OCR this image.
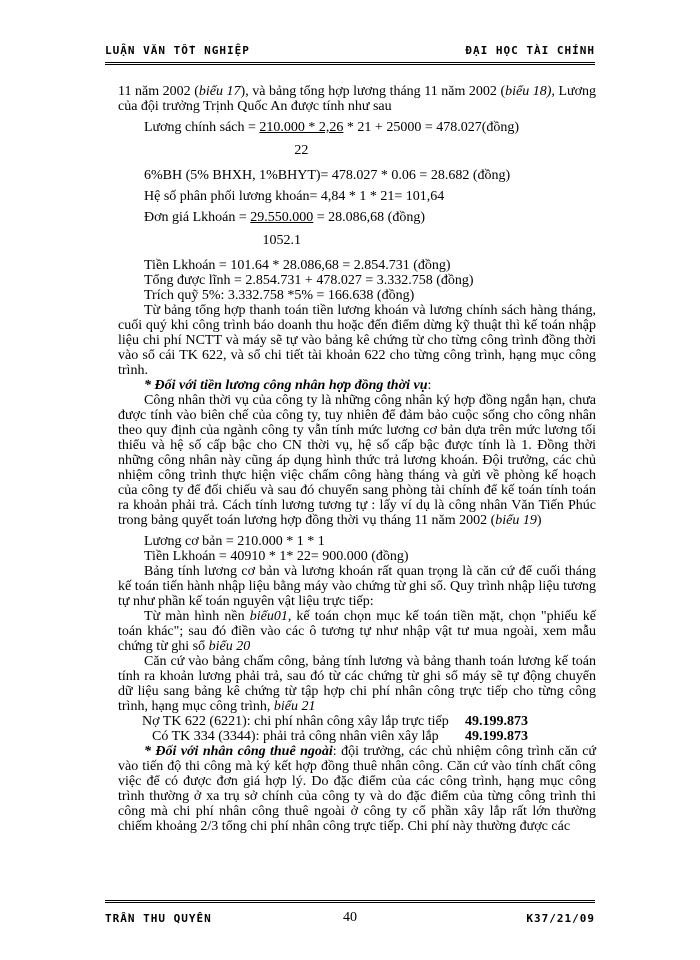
LUẬN VĂN TỐT NGHIỆP	ĐẠI HỌC TÀI CHÍNH

11 năm 2002 (biểu 17), và bảng tổng hợp lương tháng 11 năm 2002 (biểu 18), Lương của đội trưởng Trịnh Quốc An được tính như sau

Lương chính sách = $\frac{210.000 * 2,26}{22} * 21 + 25000$ = 478.027(đồng)
6%BH (5% BHXH, 1%BHYT)= 478.027 * 0.06 = 28.682 (đồng)
Hệ số phân phối lương khoán= 4,84 * 1 * 21= 101,64
Đơn giá Lkhoán = $\frac{29.550.000}{1052.1} = 28.086,68$ (đồng)
Tiền Lkhoán = 101.64 * 28.086,68 = 2.854.731 (đồng)
Tổng được lĩnh = 2.854.731 + 478.027 = 3.332.758 (đồng)
Trích quỹ 5%: 3.332.758 *5% = 166.638 (đồng)

Từ bảng tổng hợp thanh toán tiền lương khoán và lương chính sách hàng tháng, cuối quý khi công trình báo doanh thu hoặc đến điểm dừng kỹ thuật thì kế toán nhập liệu chi phí NCTT và máy sẽ tự vào bảng kê chứng từ cho từng công trình đồng thời vào sổ cái TK 622, và sổ chi tiết tài khoản 622 cho từng công trình, hạng mục công trình.

* Đối với tiền lương công nhân hợp đồng thời vụ:

Công nhân thời vụ của công ty là những công nhân ký hợp đồng ngắn hạn, chưa được tính vào biên chế của công ty, tuy nhiên để đảm bảo cuộc sống cho công nhân theo quy định của ngành công ty vẫn tính mức lương cơ bản dựa trên mức lương tối thiểu và hệ số cấp bậc cho CN thời vụ, hệ số cấp bậc được tính là 1. Đồng thời những công nhân này cũng áp dụng hình thức trả lương khoán. Đội trưởng, các chủ nhiệm công trình thực hiện việc chấm công hàng tháng và gửi về phòng kế hoạch của công ty để đối chiếu và sau đó chuyển sang phòng tài chính để kế toán tính toán ra khoản phải trả. Cách tính lương tương tự : lấy ví dụ là công nhân Văn Tiến Phúc trong bảng quyết toán lương hợp đồng thời vụ tháng 11 năm 2002 (biểu 19)

Lương cơ bản = 210.000 * 1 * 1
Tiền Lkhoán = 40910 * 1* 22= 900.000 (đồng)

Bảng tính lương cơ bản và lương khoán rất quan trọng là căn cứ để cuối tháng kế toán tiến hành nhập liệu bằng máy vào chứng từ ghi sổ. Quy trình nhập liệu tương tự như phần kế toán nguyên vật liệu trực tiếp:

Từ màn hình nền biểu01, kế toán chọn mục kế toán tiền mặt, chọn "phiếu kế toán khác"; sau đó điền vào các ô tương tự như nhập vật tư mua ngoài, xem mẫu chứng từ ghi sổ biểu 20

Căn cứ vào bảng chấm công, bảng tính lương và bảng thanh toán lương kế toán tính ra khoản lương phải trả, sau đó từ các chứng từ ghi sổ máy sẽ tự động chuyển dữ liệu sang bảng kê chứng từ tập hợp chi phí nhân công trực tiếp cho từng công trình, hạng mục công trình, biểu 21

Nợ TK 622 (6221): chi phí nhân công xây lắp trực tiếp 49.199.873
Có TK 334 (3344): phải trả công nhân viên xây lắp 49.199.873

* Đối với nhân công thuê ngoài: đội trưởng, các chủ nhiệm công trình căn cứ vào tiến độ thi công mà ký kết hợp đồng thuê nhân công. Căn cứ vào tính chất công việc để có được đơn giá hợp lý. Do đặc điểm của các công trình, hạng mục công trình thường ở xa trụ sở chính của công ty và do đặc điểm của từng công trình thi công mà chi phí nhân công thuê ngoài ở công ty cổ phần xây lắp rất lớn thường chiếm khoảng 2/3 tổng chi phí nhân công trực tiếp. Chi phí này thường được các

TRẦN THU QUYÊN	40	K37/21/09
